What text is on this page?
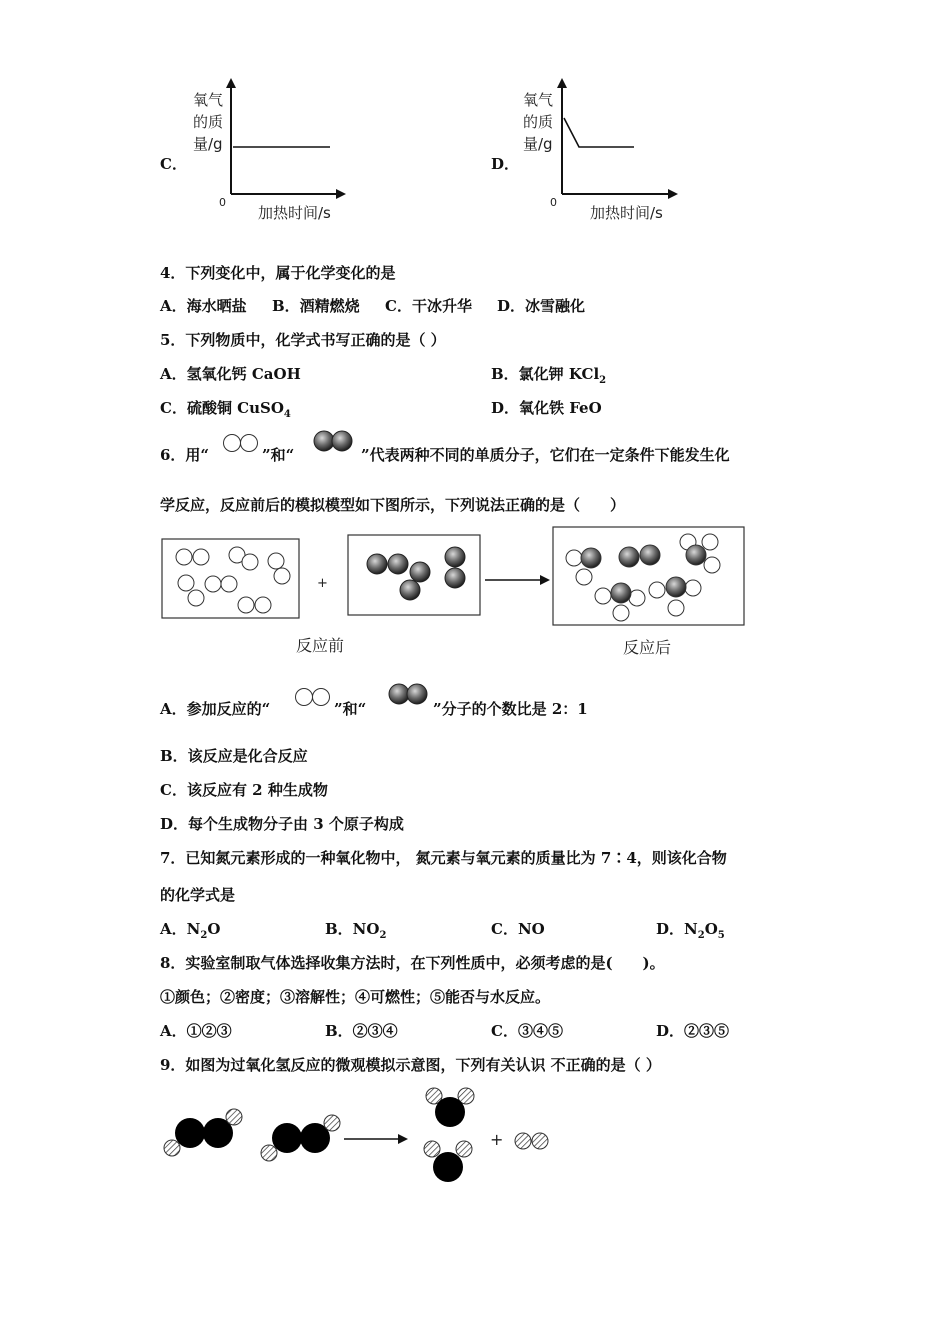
C．
氧气
的质
量/g
0
加热时间/s
D．
氧气
的质
量/g
0
加热时间/s
4．下列变化中，属于化学变化的是
A．海水晒盐 B．酒精燃烧 C．干冰升华 D．冰雪融化
5．下列物质中，化学式书写正确的是（ ）
A．氢氧化钙 CaOH	B．氯化钾 KCl$_2$
C．硫酸铜 CuSO$_4$	D．氧化铁 FeO
6．用“	”和“	”代表两种不同的单质分子，它们在一定条件下能发生化
学反应，反应前后的模拟模型如下图所示，下列说法正确的是（　　）
+
反应前	反应后
A．参加反应的“	”和“	”分子的个数比是 2：1
B．该反应是化合反应
C．该反应有 2 种生成物
D．每个生成物分子由 3 个原子构成
7．已知氮元素形成的一种氧化物中， 氮元素与氧元素的质量比为 7∶4，则该化合物
的化学式是
A．$N_2O$	B．$NO_2$	C．NO	D．$N_2O_5$
8．实验室制取气体选择收集方法时，在下列性质中，必须考虑的是(　　)。
①颜色；②密度；③溶解性；④可燃性；⑤能否与水反应。
A．①②③	B．②③④	C．③④⑤	D．②③⑤
9．如图为过氧化氢反应的微观模拟示意图，下列有关认识 不正确的是（ ）
+
